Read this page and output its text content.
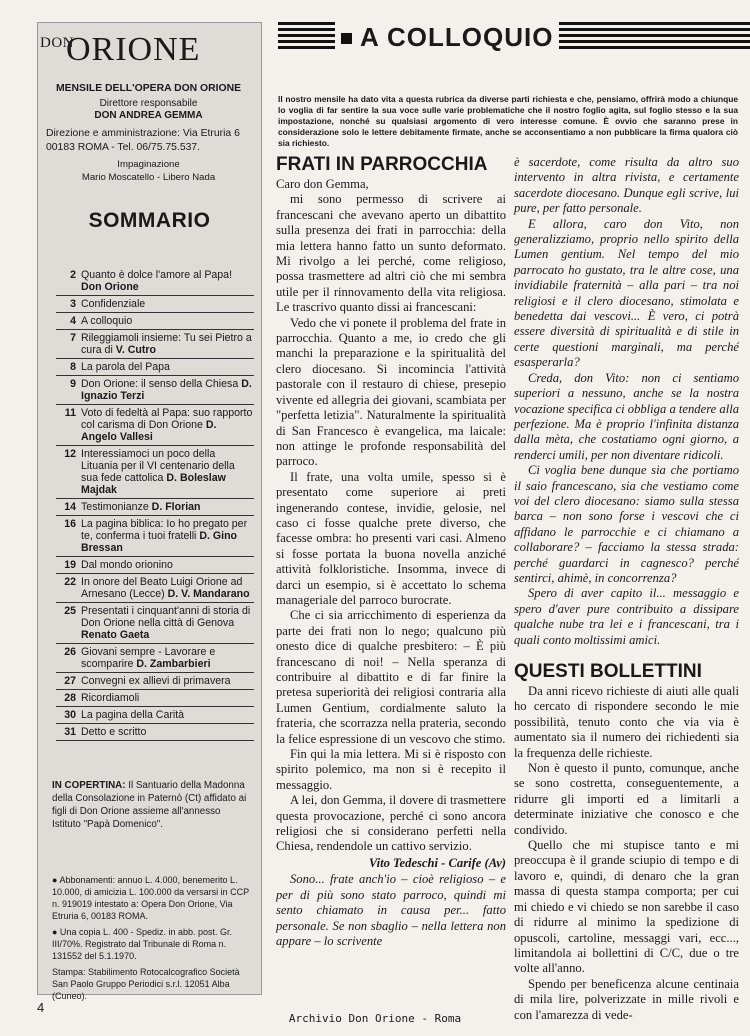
DON
ORIONE
MENSILE DELL'OPERA DON ORIONE
Direttore responsabile
DON ANDREA GEMMA
Direzione e amministrazione: Via Etruria 6 00183 ROMA - Tel. 06/75.75.537.
Impaginazione
Mario Moscatello - Libero Nada
SOMMARIO
2 Quanto è dolce l'amore al Papa! Don Orione
3 Confidenziale
4 A colloquio
7 Rileggiamoli insieme: Tu sei Pietro a cura di V. Cutro
8 La parola del Papa
9 Don Orione: il senso della Chiesa D. Ignazio Terzi
11 Voto di fedeltà al Papa: suo rapporto col carisma di Don Orione D. Angelo Vallesi
12 Interessiamoci un poco della Lituania per il VI centenario della sua fede cattolica D. Boleslaw Majdak
14 Testimonianze D. Florian
16 La pagina biblica: Io ho pregato per te, conferma i tuoi fratelli D. Gino Bressan
19 Dal mondo orionino
22 In onore del Beato Luigi Orione ad Arnesano (Lecce) D. V. Mandarano
25 Presentati i cinquant'anni di storia di Don Orione nella città di Genova Renato Gaeta
26 Giovani sempre - Lavorare e scomparire D. Zambarbieri
27 Convegni ex allievi di primavera
28 Ricordiamoli
30 La pagina della Carità
31 Detto e scritto
IN COPERTINA: Il Santuario della Madonna della Consolazione in Paternò (Ct) affidato ai figli di Don Orione assieme all'annesso Istituto "Papà Domenico".

● Abbonamenti: annuo L. 4.000, benemerito L. 10.000, di amicizia L. 100.000 da versarsi in CCP n. 919019 intestato a: Opera Don Orione, Via Etruria 6, 00183 ROMA.

● Una copia L. 400 - Spediz. in abb. post. Gr. III/70%. Registrato dal Tribunale di Roma n. 131552 del 5.1.1970.

Stampa: Stabilimento Rotocalcografico Società San Paolo Gruppo Periodici s.r.l. 12051 Alba (Cuneo).

4
Archivio Don Orione - Roma
A COLLOQUIO
Il nostro mensile ha dato vita a questa rubrica da diverse parti richiesta e che, pensiamo, offrirà modo a chiunque lo voglia di far sentire la sua voce sulle varie problematiche che il nostro foglio agita, sul foglio stesso e la sua impostazione, nonché su qualsiasi argomento di vero interesse comune. È ovvio che saranno prese in considerazione solo le lettere debitamente firmate, anche se acconsentiamo a non pubblicare la firma qualora ciò sia richiesto.
FRATI IN PARROCCHIA

Caro don Gemma,

mi sono permesso di scrivere ai francescani che avevano aperto un dibattito sulla presenza dei frati in parrocchia: della mia lettera hanno fatto un sunto deformato. Mi rivolgo a lei perché, come religioso, possa trasmettere ad altri ciò che mi sembra utile per il rinnovamento della vita religiosa. Le trascrivo quanto dissi ai francescani:

Vedo che vi ponete il problema del frate in parrocchia. Quanto a me, io credo che gli manchi la preparazione e la spiritualità del clero diocesano. Si incomincia l'attività pastorale con il restauro di chiese, presepio vivente ed allegria dei giovani, scambiata per "perfetta letizia". Naturalmente la spiritualità di San Francesco è evangelica, ma laicale: non attinge le profonde responsabilità del parroco.

Il frate, una volta umile, spesso si è presentato come superiore ai preti ingenerando contese, invidie, gelosie, nel caso ci fosse qualche prete diverso, che facesse ombra: ho presenti vari casi. Almeno si fosse portata la buona novella anziché attività folkloristiche. Insomma, invece di darci un esempio, si è accettato lo schema manageriale del parroco burocrate.

Che ci sia arricchimento di esperienza da parte dei frati non lo nego; qualcuno più onesto dice di qualche presbitero: – È più francescano di noi! – Nella speranza di contribuire al dibattito e di far finire la pretesa superiorità dei religiosi contraria alla Lumen Gentium, cordialmente saluto la frateria, che scorrazza nella prateria, secondo la felice espressione di un vescovo che stimo.

Fin qui la mia lettera. Mi si è risposto con spirito polemico, ma non si è recepito il messaggio.

A lei, don Gemma, il dovere di trasmettere questa provocazione, perché ci sono ancora religiosi che si considerano perfetti nella Chiesa, rendendole un cattivo servizio.

Vito Tedeschi - Carife (Av)

Sono... frate anch'io – cioè religioso – e per di più sono stato parroco, quindi mi sento chiamato in causa per... fatto personale. Se non sbaglio – nella lettera non appare – lo scrivente

è sacerdote, come risulta da altro suo intervento in altra rivista, e certamente sacerdote diocesano. Dunque egli scrive, lui pure, per fatto personale.

E allora, caro don Vito, non generalizziamo, proprio nello spirito della Lumen gentium. Nel tempo del mio parrocato ho gustato, tra le altre cose, una invidiabile fraternità – alla pari – tra noi religiosi e il clero diocesano, stimolata e benedetta dai vescovi... È vero, ci potrà essere diversità di spiritualità e di stile in certe questioni marginali, ma perché esasperarla?

Creda, don Vito: non ci sentiamo superiori a nessuno, anche se la nostra vocazione specifica ci obbliga a tendere alla perfezione. Ma è proprio l'infinita distanza dalla mèta, che costatiamo ogni giorno, a renderci umili, per non diventare ridicoli.

Ci voglia bene dunque sia che portiamo il saio francescano, sia che vestiamo come voi del clero diocesano: siamo sulla stessa barca – non sono forse i vescovi che ci affidano le parrocchie e ci chiamano a collaborare? – facciamo la stessa strada: perché guardarci in cagnesco? perché sentirci, ahimè, in concorrenza?

Spero di aver capito il... messaggio e spero d'aver pure contribuito a dissipare qualche nube tra lei e i francescani, tra i quali conto moltissimi amici.

QUESTI BOLLETTINI

Da anni ricevo richieste di aiuti alle quali ho cercato di rispondere secondo le mie possibilità, tenuto conto che via via è aumentato sia il numero dei richiedenti sia la frequenza delle richieste.

Non è questo il punto, comunque, anche se sono costretta, conseguentemente, a ridurre gli importi ed a limitarli a determinate iniziative che conosco e che condivido.

Quello che mi stupisce tanto e mi preoccupa è il grande sciupio di tempo e di lavoro e, quindi, di denaro che la gran massa di questa stampa comporta; per cui mi chiedo e vi chiedo se non sarebbe il caso di ridurre al minimo la spedizione di opuscoli, cartoline, messaggi vari, ecc..., limitandola ai bollettini di C/C, due o tre volte all'anno.

Spendo per beneficenza alcune centinaia di mila lire, polverizzate in mille rivoli e con l'amarezza di vede-
